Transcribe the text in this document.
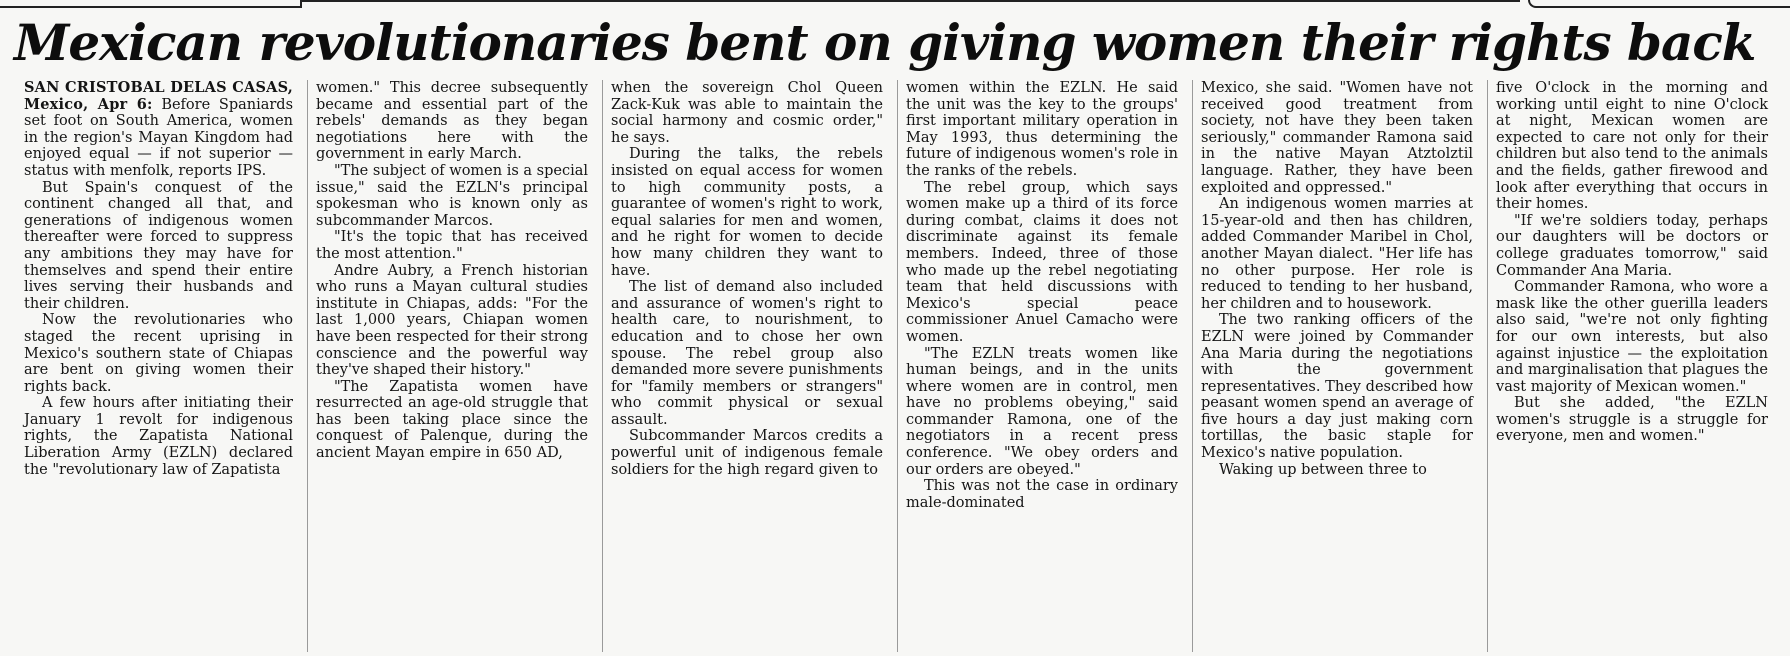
Mexican revolutionaries bent on giving women their rights back

SAN CRISTOBAL DELAS CASAS, Mexico, Apr 6: Before Spaniards set foot on South America, women in the region's Mayan Kingdom had enjoyed equal — if not superior — status with menfolk, reports IPS.

But Spain's conquest of the continent changed all that, and generations of indigenous women thereafter were forced to suppress any ambitions they may have for themselves and spend their entire lives serving their husbands and their children.

Now the revolutionaries who staged the recent uprising in Mexico's southern state of Chiapas are bent on giving women their rights back.

A few hours after initiating their January 1 revolt for indigenous rights, the Zapatista National Liberation Army (EZLN) declared the "revolutionary law of Zapatista

women." This decree subsequently became and essential part of the rebels' demands as they began negotiations here with the government in early March.

"The subject of women is a special issue," said the EZLN's principal spokesman who is known only as subcommander Marcos.

"It's the topic that has received the most attention."

Andre Aubry, a French historian who runs a Mayan cultural studies institute in Chiapas, adds: "For the last 1,000 years, Chiapan women have been respected for their strong conscience and the powerful way they've shaped their history."

"The Zapatista women have resurrected an age-old struggle that has been taking place since the conquest of Palenque, during the ancient Mayan empire in 650 AD,

when the sovereign Chol Queen Zack-Kuk was able to maintain the social harmony and cosmic order," he says.

During the talks, the rebels insisted on equal access for women to high community posts, a guarantee of women's right to work, equal salaries for men and women, and he right for women to decide how many children they want to have.

The list of demand also included and assurance of women's right to health care, to nourishment, to education and to chose her own spouse. The rebel group also demanded more severe punishments for "family members or strangers" who commit physical or sexual assault.

Subcommander Marcos credits a powerful unit of indigenous female soldiers for the high regard given to

women within the EZLN. He said the unit was the key to the groups' first important military operation in May 1993, thus determining the future of indigenous women's role in the ranks of the rebels.

The rebel group, which says women make up a third of its force during combat, claims it does not discriminate against its female members. Indeed, three of those who made up the rebel negotiating team that held discussions with Mexico's special peace commissioner Anuel Camacho were women.

"The EZLN treats women like human beings, and in the units where women are in control, men have no problems obeying," said commander Ramona, one of the negotiators in a recent press conference. "We obey orders and our orders are obeyed."

This was not the case in ordinary male-dominated

Mexico, she said. "Women have not received good treatment from society, not have they been taken seriously," commander Ramona said in the native Mayan Atztolztil language. Rather, they have been exploited and oppressed."

An indigenous women marries at 15-year-old and then has children, added Commander Maribel in Chol, another Mayan dialect. "Her life has no other purpose. Her role is reduced to tending to her husband, her children and to housework.

The two ranking officers of the EZLN were joined by Commander Ana Maria during the negotiations with the government representatives. They described how peasant women spend an average of five hours a day just making corn tortillas, the basic staple for Mexico's native population.

Waking up between three to

five O'clock in the morning and working until eight to nine O'clock at night, Mexican women are expected to care not only for their children but also tend to the animals and the fields, gather firewood and look after everything that occurs in their homes.

"If we're soldiers today, perhaps our daughters will be doctors or college graduates tomorrow," said Commander Ana Maria.

Commander Ramona, who wore a mask like the other guerilla leaders also said, "we're not only fighting for our own interests, but also against injustice — the exploitation and marginalisation that plagues the vast majority of Mexican women."

But she added, "the EZLN women's struggle is a struggle for everyone, men and women."
